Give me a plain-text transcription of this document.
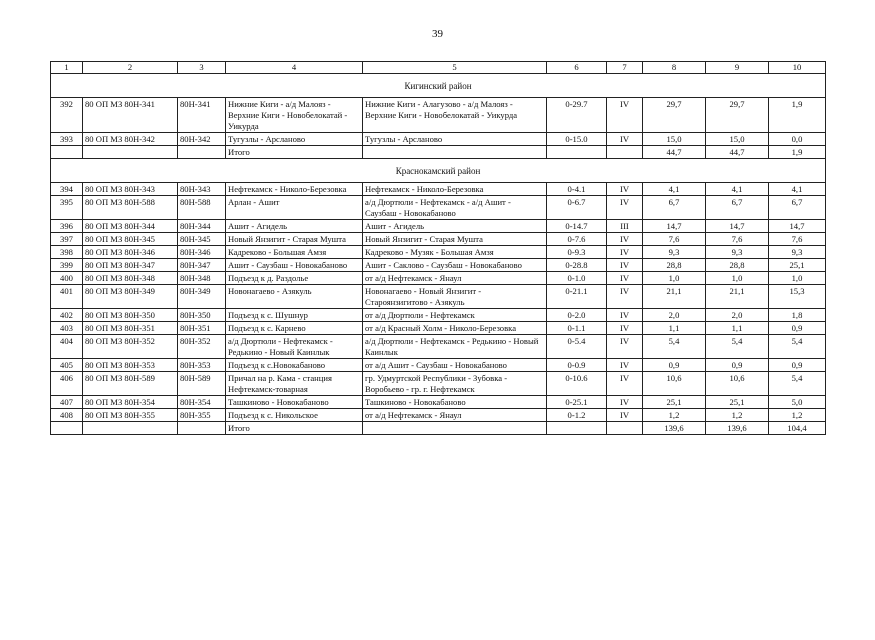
39
1	2	3	4	5	6	7	8	9	10
Кигинский район									
392	80 ОП МЗ 80Н-341	80Н-341	Нижние Киги - а/д Малояз - Верхние Киги - Новобелокатай - Уикурда	Нижние Киги - Алагузово - а/д Малояз - Верхние Киги - Новобелокатай - Уикурда	0-29.7	IV	29,7	29,7	1,9
393	80 ОП МЗ 80Н-342	80Н-342	Тугузлы - Арсланово	Тугузлы - Арсланово	0-15.0	IV	15,0	15,0	0,0
			Итого				44,7	44,7	1,9
Краснокамский район									
394	80 ОП МЗ 80Н-343	80Н-343	Нефтекамск - Николо-Березовка	Нефтекамск - Николо-Березовка	0-4.1	IV	4,1	4,1	4,1
395	80 ОП МЗ 80Н-588	80Н-588	Арлан - Ашит	а/д Дюртюли - Нефтекамск - а/д Ашит - Саузбаш - Новокабаново	0-6.7	IV	6,7	6,7	6,7
396	80 ОП МЗ 80Н-344	80Н-344	Ашит - Агидель	Ашит - Агидель	0-14.7	III	14,7	14,7	14,7
397	80 ОП МЗ 80Н-345	80Н-345	Новый Янзигит - Старая Мушта	Новый Янзигит - Старая Мушта	0-7.6	IV	7,6	7,6	7,6
398	80 ОП МЗ 80Н-346	80Н-346	Кадреково - Большая Амзя	Кадреково - Музяк - Большая Амзя	0-9.3	IV	9,3	9,3	9,3
399	80 ОП МЗ 80Н-347	80Н-347	Ашит - Саузбаш - Новокабаново	Ашит - Саклово - Саузбаш - Новокабаново	0-28.8	IV	28,8	28,8	25,1
400	80 ОП МЗ 80Н-348	80Н-348	Подъезд к д. Раздолье	от а/д Нефтекамск - Янаул	0-1.0	IV	1,0	1,0	1,0
401	80 ОП МЗ 80Н-349	80Н-349	Новонагаево - Азякуль	Новонагаево - Новый Янзигит - Староянзигитово - Азякуль	0-21.1	IV	21,1	21,1	15,3
402	80 ОП МЗ 80Н-350	80Н-350	Подъезд к с. Шушнур	от а/д Дюртюли - Нефтекамск	0-2.0	IV	2,0	2,0	1,8
403	80 ОП МЗ 80Н-351	80Н-351	Подъезд к с. Карнево	от а/д Красный Холм - Николо-Березовка	0-1.1	IV	1,1	1,1	0,9
404	80 ОП МЗ 80Н-352	80Н-352	а/д Дюртюли - Нефтекамск - Редькино - Новый Каинлык	а/д Дюртюли - Нефтекамск - Редькино - Новый Каинлык	0-5.4	IV	5,4	5,4	5,4
405	80 ОП МЗ 80Н-353	80Н-353	Подъезд к с.Новокабаново	от а/д Ашит - Саузбаш - Новокабаново	0-0.9	IV	0,9	0,9	0,9
406	80 ОП МЗ 80Н-589	80Н-589	Причал на р. Кама - станция Нефтекамск-товарная	гр. Удмуртской Республики - Зубовка - Воробьево - гр. г. Нефтекамск	0-10.6	IV	10,6	10,6	5,4
407	80 ОП МЗ 80Н-354	80Н-354	Ташкиново - Новокабаново	Ташкиново - Новокабаново	0-25.1	IV	25,1	25,1	5,0
408	80 ОП МЗ 80Н-355	80Н-355	Подъезд к с. Никольское	от а/д Нефтекамск - Янаул	0-1.2	IV	1,2	1,2	1,2
			Итого				139,6	139,6	104,4
